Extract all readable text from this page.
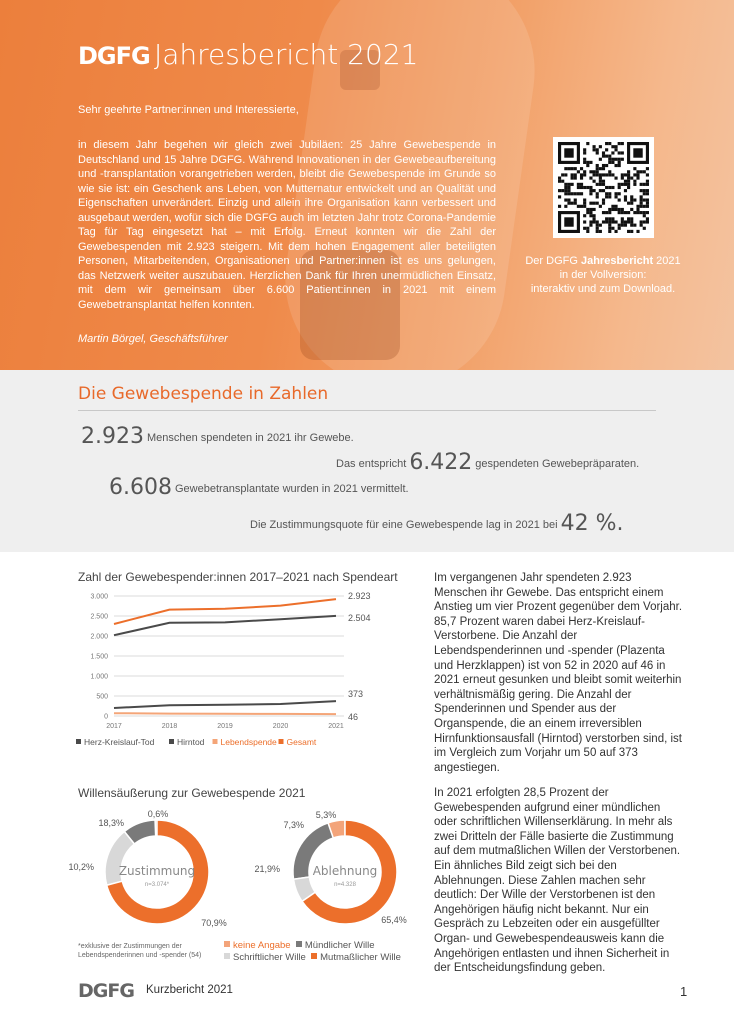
DGFG Jahresbericht 2021
Sehr geehrte Partner:innen und Interessierte,
in diesem Jahr begehen wir gleich zwei Jubiläen: 25 Jahre Gewebespende in Deutschland und 15 Jahre DGFG. Während Innovationen in der Gewebeaufbereitung und -transplantation vorangetrieben werden, bleibt die Gewebespende im Grunde so wie sie ist: ein Geschenk ans Leben, von Mutternatur entwickelt und an Qualität und Eigenschaften unverändert. Einzig und allein ihre Organisation kann verbessert und ausgebaut werden, wofür sich die DGFG auch im letzten Jahr trotz Corona-Pandemie Tag für Tag eingesetzt hat – mit Erfolg. Erneut konnten wir die Zahl der Gewebespenden mit 2.923 steigern. Mit dem hohen Engagement aller beteiligten Personen, Mitarbeitenden, Organisationen und Partner:innen ist es uns gelungen, das Netzwerk weiter auszubauen. Herzlichen Dank für Ihren unermüdlichen Einsatz, mit dem wir gemeinsam über 6.600 Patient:innen in 2021 mit einem Gewebetransplantat helfen konnten.
Martin Börgel, Geschäftsführer
Der DGFG Jahresbericht 2021
in der Vollversion:
interaktiv und zum Download.
Die Gewebespende in Zahlen
2.923 Menschen spendeten in 2021 ihr Gewebe.
Das entspricht 6.422 gespendeten Gewebepräparaten.
6.608 Gewebetransplantate wurden in 2021 vermittelt.
Die Zustimmungsquote für eine Gewebespende lag in 2021 bei 42 %.
Zahl der Gewebespender:innen 2017–2021 nach Spendeart
0
500
1.000
1.500
2.000
2.500
3.000
2017	2018	2019	2020	2021
2.504
373
46
2.923
Herz-Kreislauf-Tod	Hirntod Lebendspende Gesamt
Im vergangenen Jahr spendeten 2.923 Menschen ihr Gewebe. Das entspricht einem Anstieg um vier Prozent gegenüber dem Vorjahr. 85,7 Prozent waren dabei Herz-Kreislauf-Verstorbene. Die Anzahl der Lebendspenderinnen und -spender (Plazenta und Herzklappen) ist von 52 in 2020 auf 46 in 2021 erneut gesunken und bleibt somit weiterhin verhältnismäßig gering. Die Anzahl der Spenderinnen und Spender aus der Organspende, die an einem irreversiblen Hirnfunktionsausfall (Hirntod) verstorben sind, ist im Vergleich zum Vorjahr um 50 auf 373 angestiegen.
Willensäußerung zur Gewebespende 2021
0,6%
10,2%
18,3%
70,9%
Zustimmung
n=3.074*
5,3%
21,9%
7,3%
65,4%
Ablehnung
n=4.328
*exklusive der Zustimmungen der Lebendspenderinnen und -spender (54)
keine Angabe Mündlicher Wille
Schriftlicher Wille Mutmaßlicher Wille
In 2021 erfolgten 28,5 Prozent der Gewebespenden aufgrund einer mündlichen oder schriftlichen Willenserklärung. In mehr als zwei Dritteln der Fälle basierte die Zustimmung auf dem mutmaßlichen Willen der Verstorbenen. Ein ähnliches Bild zeigt sich bei den Ablehnungen. Diese Zahlen machen sehr deutlich: Der Wille der Verstorbenen ist den Angehörigen häufig nicht bekannt. Nur ein Gespräch zu Lebzeiten oder ein ausgefüllter Organ- und Gewebespendeausweis kann die Angehörigen entlasten und ihnen Sicherheit in der Entscheidungsfindung geben.
DGFG Kurzbericht 2021	1
